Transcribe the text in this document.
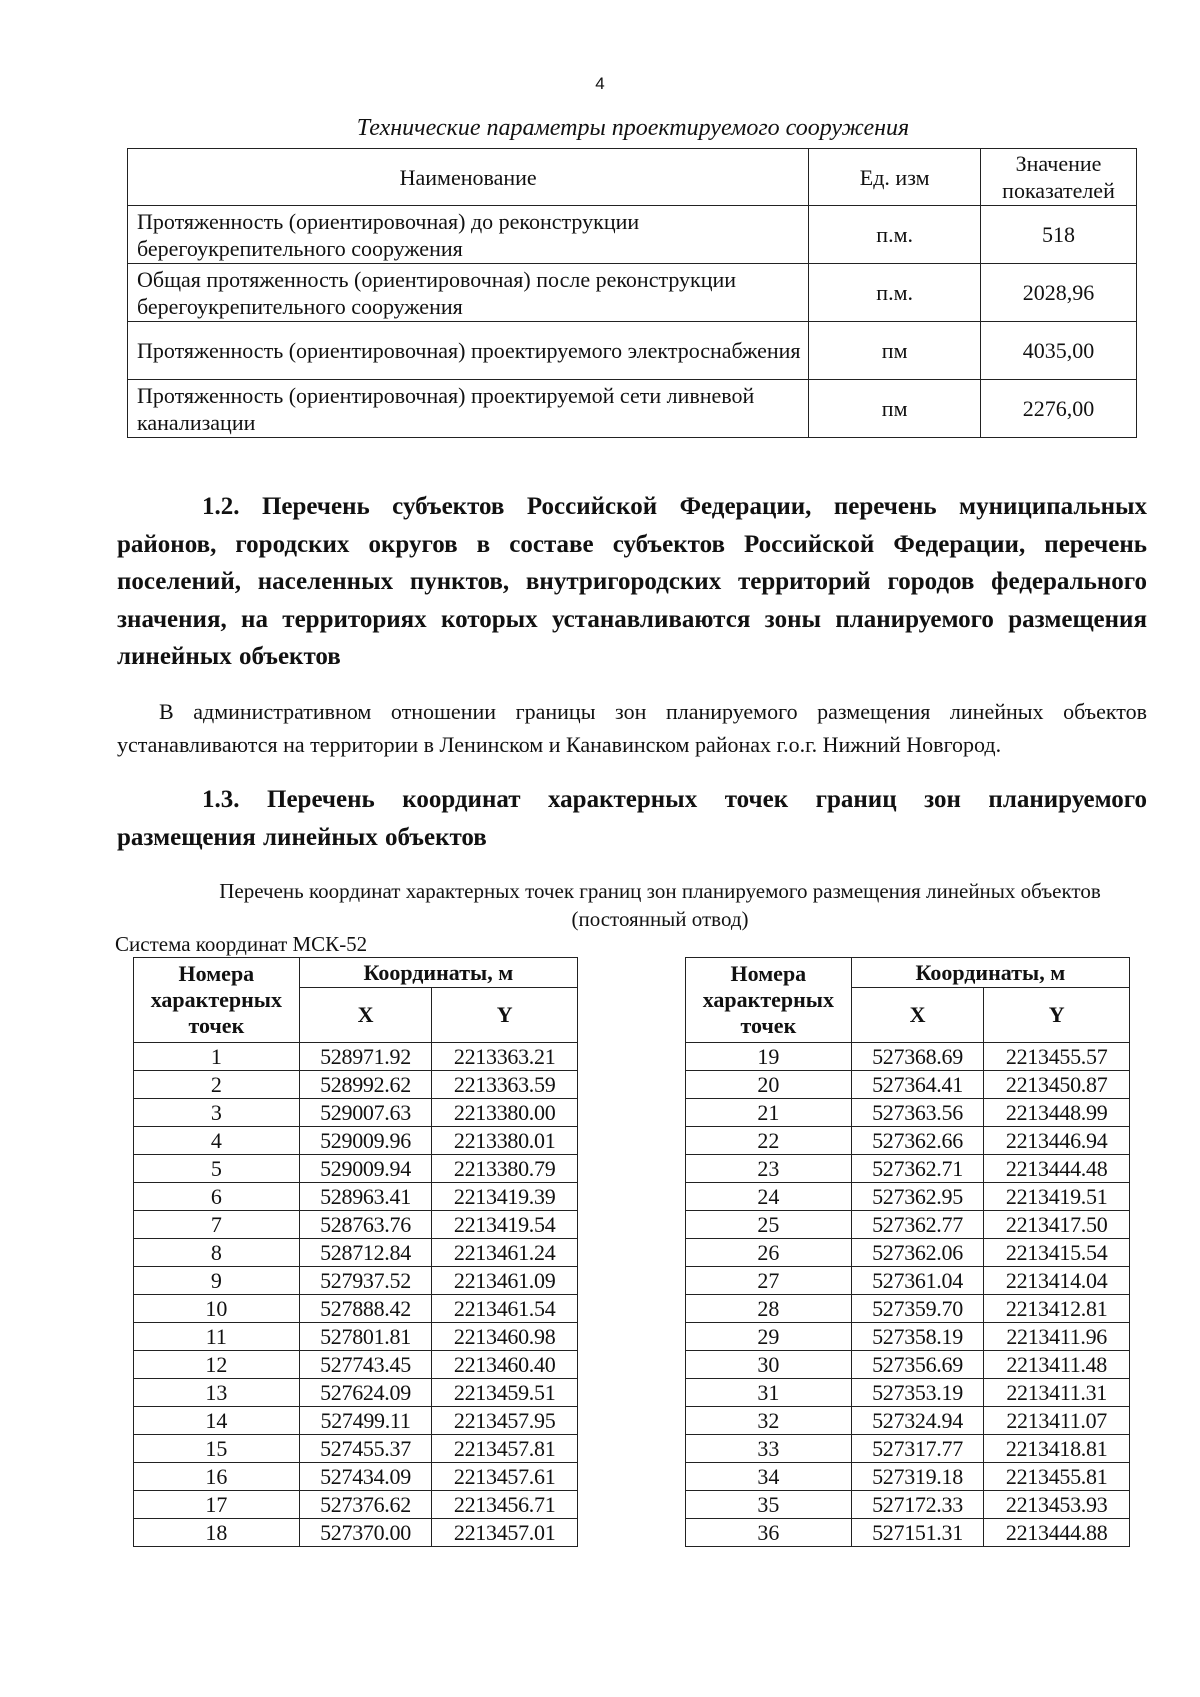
4
Технические параметры проектируемого сооружения
Наименование	Ед. изм	Значение показателей
Протяженность (ориентировочная) до реконструкции берегоукрепительного сооружения	п.м.	518
Общая протяженность (ориентировочная) после реконструкции берегоукрепительного сооружения	п.м.	2028,96
Протяженность (ориентировочная) проектируемого электроснабжения	пм	4035,00
Протяженность (ориентировочная) проектируемой сети ливневой канализации	пм	2276,00
1.2. Перечень субъектов Российской Федерации, перечень муниципальных районов, городских округов в составе субъектов Российской Федерации, перечень поселений, населенных пунктов, внутригородских территорий городов федерального значения, на территориях которых устанавливаются зоны планируемого размещения линейных объектов
В административном отношении границы зон планируемого размещения линейных объектов устанавливаются на территории в Ленинском и Канавинском районах г.о.г. Нижний Новгород.
1.3. Перечень координат характерных точек границ зон планируемого размещения линейных объектов
Перечень координат характерных точек границ зон планируемого размещения линейных объектов (постоянный отвод)
Система координат МСК-52
Номера характерных точек	Координаты, м	
	X	Y
1	528971.92	2213363.21
2	528992.62	2213363.59
3	529007.63	2213380.00
4	529009.96	2213380.01
5	529009.94	2213380.79
6	528963.41	2213419.39
7	528763.76	2213419.54
8	528712.84	2213461.24
9	527937.52	2213461.09
10	527888.42	2213461.54
11	527801.81	2213460.98
12	527743.45	2213460.40
13	527624.09	2213459.51
14	527499.11	2213457.95
15	527455.37	2213457.81
16	527434.09	2213457.61
17	527376.62	2213456.71
18	527370.00	2213457.01
Номера характерных точек	Координаты, м	
	X	Y
19	527368.69	2213455.57
20	527364.41	2213450.87
21	527363.56	2213448.99
22	527362.66	2213446.94
23	527362.71	2213444.48
24	527362.95	2213419.51
25	527362.77	2213417.50
26	527362.06	2213415.54
27	527361.04	2213414.04
28	527359.70	2213412.81
29	527358.19	2213411.96
30	527356.69	2213411.48
31	527353.19	2213411.31
32	527324.94	2213411.07
33	527317.77	2213418.81
34	527319.18	2213455.81
35	527172.33	2213453.93
36	527151.31	2213444.88
